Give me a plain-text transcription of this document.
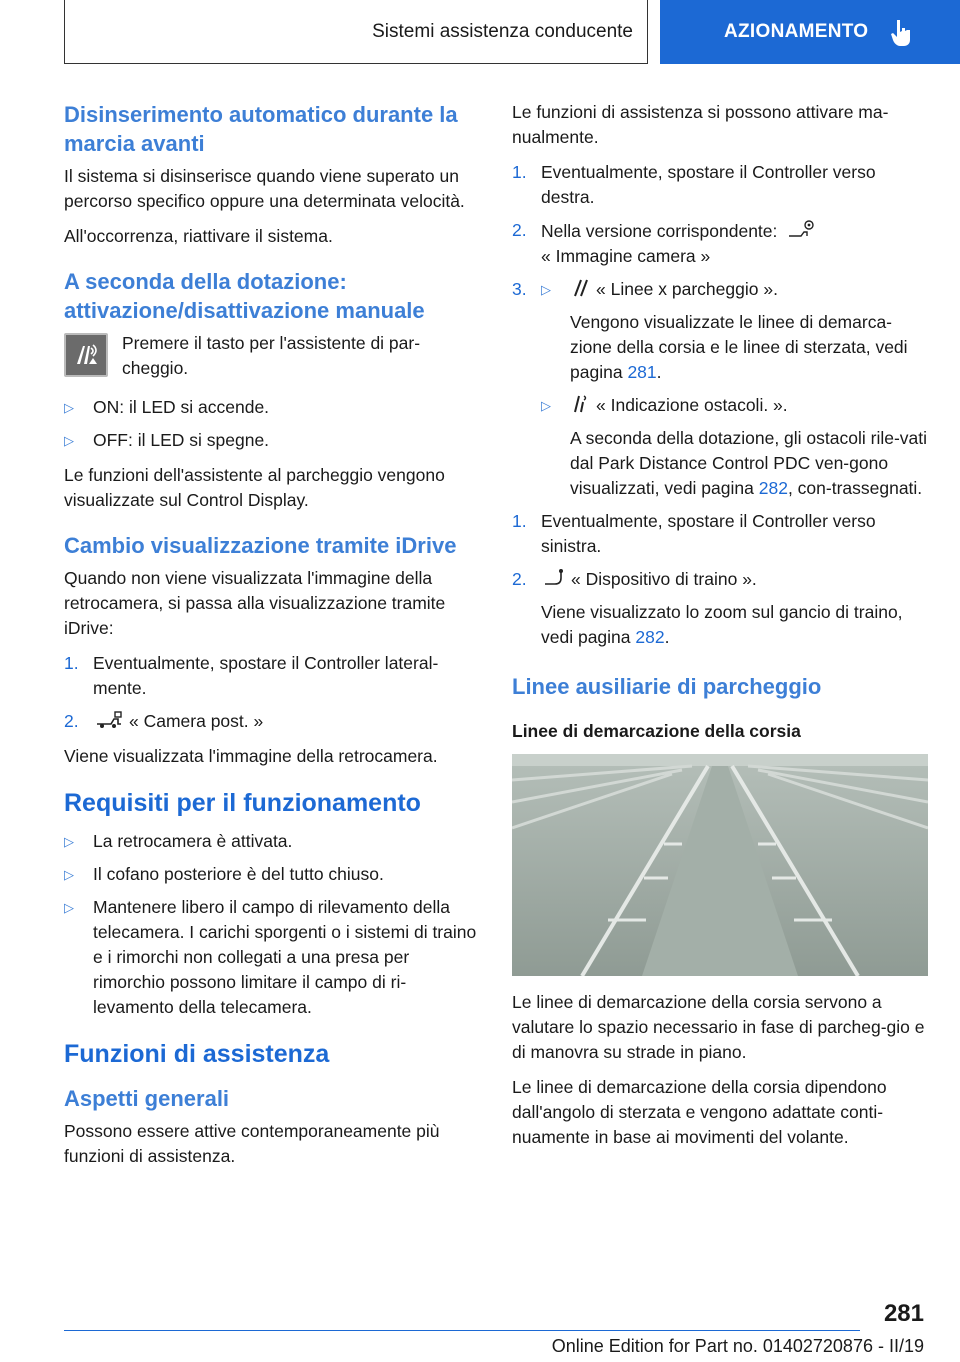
Sistemi assistenza conducente	AZIONAMENTO
Disinserimento automatico durante la marcia avanti

Il sistema si disinserisce quando viene superato un percorso specifico oppure una determinata velocità.

All'occorrenza, riattivare il sistema.

A seconda della dotazione: attivazione/disattivazione manuale

Premere il tasto per l'assistente di par-cheggio.

▷ ON: il LED si accende.
▷ OFF: il LED si spegne.

Le funzioni dell'assistente al parcheggio vengono visualizzate sul Control Display.

Cambio visualizzazione tramite iDrive

Quando non viene visualizzata l'immagine della retrocamera, si passa alla visualizzazione tramite iDrive:

1. Eventualmente, spostare il Controller lateral-mente.
2.	« Camera post. »

Viene visualizzata l'immagine della retrocamera.

Requisiti per il funzionamento
▷ La retrocamera è attivata.
▷ Il cofano posteriore è del tutto chiuso.
▷ Mantenere libero il campo di rilevamento della telecamera. I carichi sporgenti o i sistemi di traino e i rimorchi non collegati a una presa per rimorchio possono limitare il campo di ri-levamento della telecamera.
Funzioni di assistenza
Aspetti generali

Possono essere attive contemporaneamente più funzioni di assistenza.

Le funzioni di assistenza si possono attivare ma-nualmente.

1. Eventualmente, spostare il Controller verso destra.
2. Nella versione corrispondente:
« Immagine camera »
3.
▷	« Linee x parcheggio ».

Vengono visualizzate le linee di demarca-zione della corsia e le linee di sterzata, vedi pagina 281.

▷ « Indicazione ostacoli. ».

A seconda della dotazione, gli ostacoli rile-vati dal Park Distance Control PDC ven-gono visualizzati, vedi pagina 282, con-trassegnati.

1. Eventualmente, spostare il Controller verso sinistra.
2.	« Dispositivo di traino ».

Viene visualizzato lo zoom sul gancio di traino, vedi pagina 282.

Linee ausiliarie di parcheggio
Linee di demarcazione della corsia

Le linee di demarcazione della corsia servono a valutare lo spazio necessario in fase di parcheg-gio e di manovra su strade in piano.

Le linee di demarcazione della corsia dipendono dall'angolo di sterzata e vengono adattate conti-nuamente in base ai movimenti del volante.

281
Online Edition for Part no. 01402720876 - II/19
